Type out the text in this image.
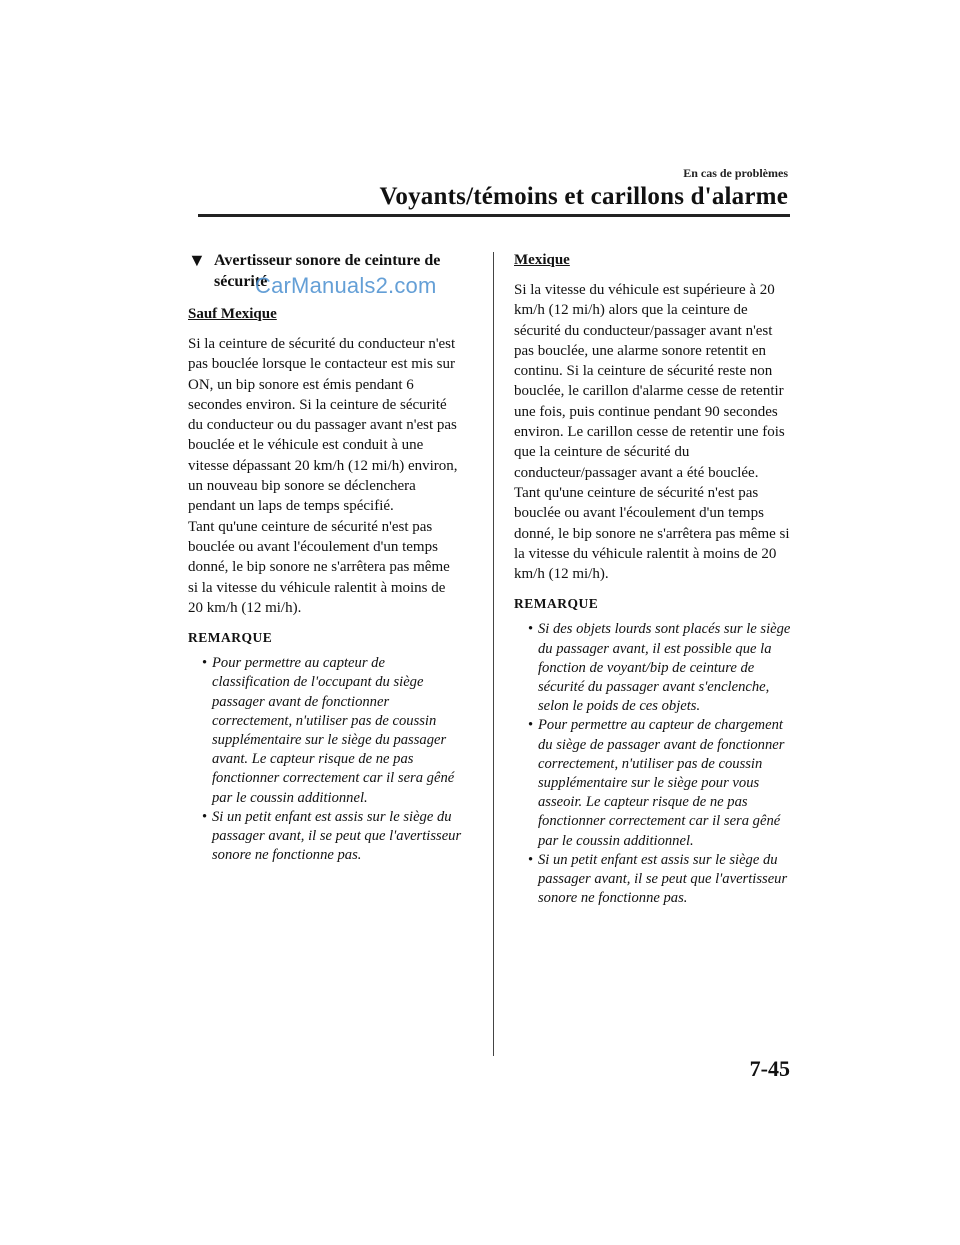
En cas de problèmes
Voyants/témoins et carillons d'alarme
▼ Avertisseur sonore de ceinture de sécurité
Sauf Mexique

Si la ceinture de sécurité du conducteur n'est pas bouclée lorsque le contacteur est mis sur ON, un bip sonore est émis pendant 6 secondes environ. Si la ceinture de sécurité du conducteur ou du passager avant n'est pas bouclée et le véhicule est conduit à une vitesse dépassant 20 km/h (12 mi/h) environ, un nouveau bip sonore se déclenchera pendant un laps de temps spécifié.

Tant qu'une ceinture de sécurité n'est pas bouclée ou avant l'écoulement d'un temps donné, le bip sonore ne s'arrêtera pas même si la vitesse du véhicule ralentit à moins de 20 km/h (12 mi/h).

REMARQUE
• Pour permettre au capteur de classification de l'occupant du siège passager avant de fonctionner correctement, n'utiliser pas de coussin supplémentaire sur le siège du passager avant. Le capteur risque de ne pas fonctionner correctement car il sera gêné par le coussin additionnel.
• Si un petit enfant est assis sur le siège du passager avant, il se peut que l'avertisseur sonore ne fonctionne pas.
Mexique

Si la vitesse du véhicule est supérieure à 20 km/h (12 mi/h) alors que la ceinture de sécurité du conducteur/passager avant n'est pas bouclée, une alarme sonore retentit en continu. Si la ceinture de sécurité reste non bouclée, le carillon d'alarme cesse de retentir une fois, puis continue pendant 90 secondes environ. Le carillon cesse de retentir une fois que la ceinture de sécurité du conducteur/passager avant a été bouclée.

Tant qu'une ceinture de sécurité n'est pas bouclée ou avant l'écoulement d'un temps donné, le bip sonore ne s'arrêtera pas même si la vitesse du véhicule ralentit à moins de 20 km/h (12 mi/h).

REMARQUE
• Si des objets lourds sont placés sur le siège du passager avant, il est possible que la fonction de voyant/bip de ceinture de sécurité du passager avant s'enclenche, selon le poids de ces objets.
• Pour permettre au capteur de chargement du siège de passager avant de fonctionner correctement, n'utiliser pas de coussin supplémentaire sur le siège pour vous asseoir. Le capteur risque de ne pas fonctionner correctement car il sera gêné par le coussin additionnel.
• Si un petit enfant est assis sur le siège du passager avant, il se peut que l'avertisseur sonore ne fonctionne pas.
CarManuals2.com
7-45
